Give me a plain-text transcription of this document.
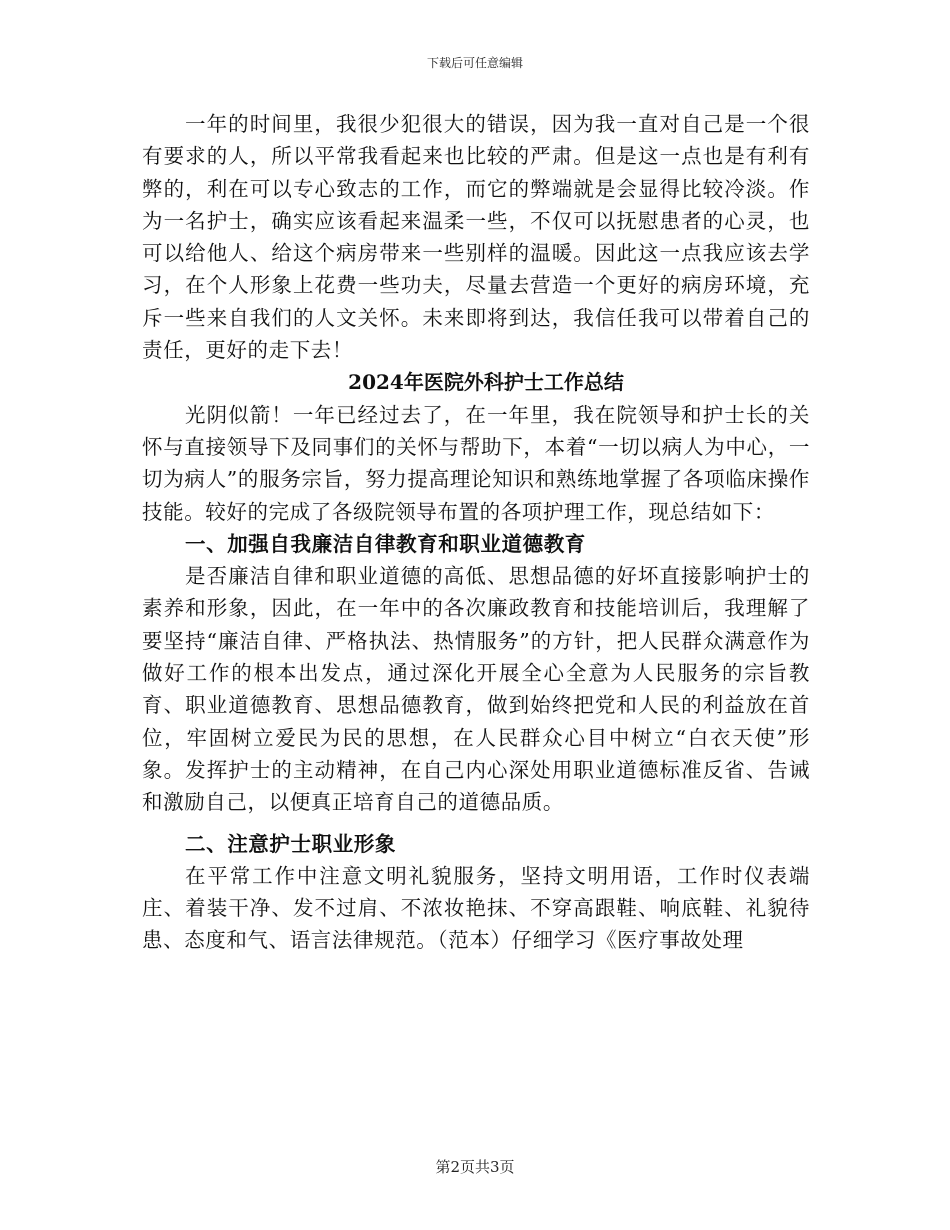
下载后可任意编辑

一年的时间里，我很少犯很大的错误，因为我一直对自己是一个很有要求的人，所以平常我看起来也比较的严肃。但是这一点也是有利有弊的，利在可以专心致志的工作，而它的弊端就是会显得比较冷淡。作为一名护士，确实应该看起来温柔一些，不仅可以抚慰患者的心灵，也可以给他人、给这个病房带来一些别样的温暖。因此这一点我应该去学习，在个人形象上花费一些功夫，尽量去营造一个更好的病房环境，充斥一些来自我们的人文关怀。未来即将到达，我信任我可以带着自己的责任，更好的走下去！

2024年医院外科护士工作总结

光阴似箭！一年已经过去了，在一年里，我在院领导和护士长的关怀与直接领导下及同事们的关怀与帮助下，本着“一切以病人为中心，一切为病人”的服务宗旨，努力提高理论知识和熟练地掌握了各项临床操作技能。较好的完成了各级院领导布置的各项护理工作，现总结如下：

一、加强自我廉洁自律教育和职业道德教育

是否廉洁自律和职业道德的高低、思想品德的好坏直接影响护士的素养和形象，因此，在一年中的各次廉政教育和技能培训后，我理解了要坚持“廉洁自律、严格执法、热情服务”的方针，把人民群众满意作为做好工作的根本出发点，通过深化开展全心全意为人民服务的宗旨教育、职业道德教育、思想品德教育，做到始终把党和人民的利益放在首位，牢固树立爱民为民的思想，在人民群众心目中树立“白衣天使”形象。发挥护士的主动精神，在自己内心深处用职业道德标准反省、告诫和激励自己，以便真正培育自己的道德品质。

二、注意护士职业形象

在平常工作中注意文明礼貌服务，坚持文明用语，工作时仪表端庄、着装干净、发不过肩、不浓妆艳抹、不穿高跟鞋、响底鞋、礼貌待患、态度和气、语言法律规范。（范本）仔细学习《医疗事故处理

第2页共3页
